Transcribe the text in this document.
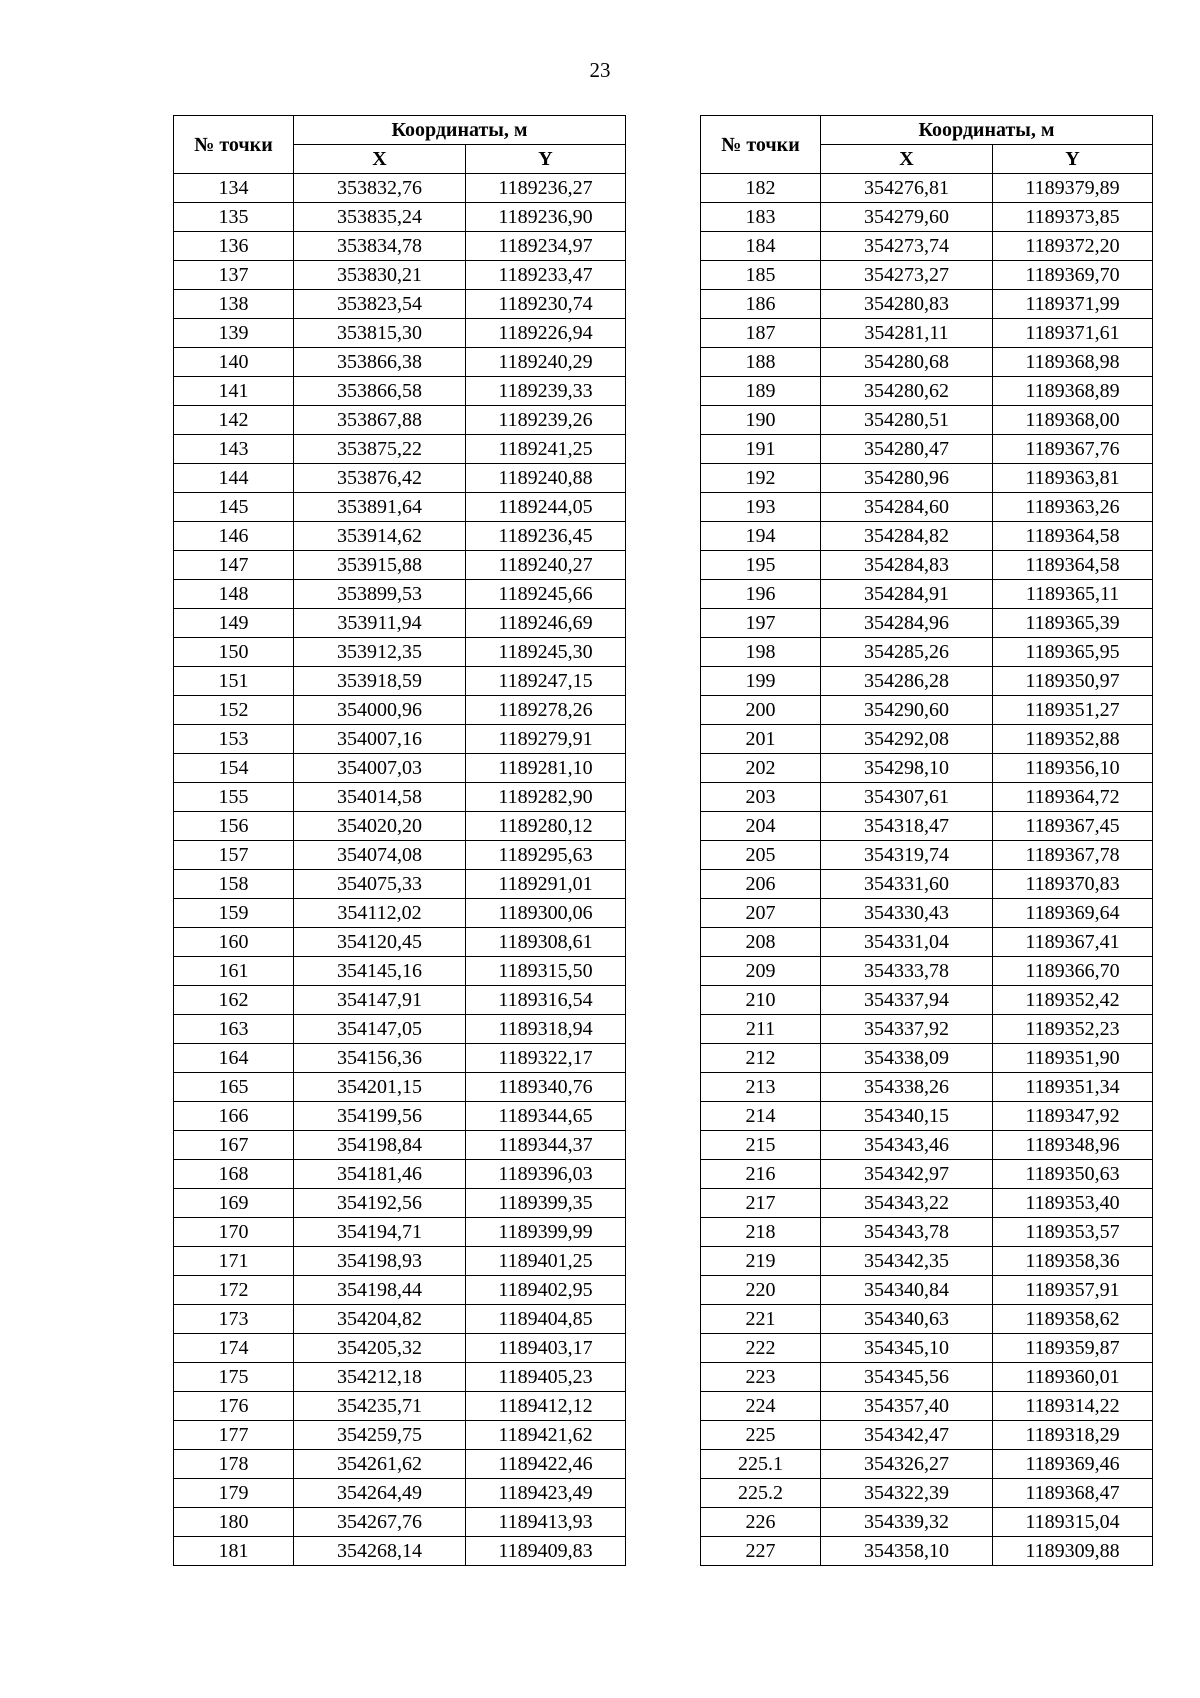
23
№ точки	Координаты, м	
	X	Y
134	353832,76	1189236,27
135	353835,24	1189236,90
136	353834,78	1189234,97
137	353830,21	1189233,47
138	353823,54	1189230,74
139	353815,30	1189226,94
140	353866,38	1189240,29
141	353866,58	1189239,33
142	353867,88	1189239,26
143	353875,22	1189241,25
144	353876,42	1189240,88
145	353891,64	1189244,05
146	353914,62	1189236,45
147	353915,88	1189240,27
148	353899,53	1189245,66
149	353911,94	1189246,69
150	353912,35	1189245,30
151	353918,59	1189247,15
152	354000,96	1189278,26
153	354007,16	1189279,91
154	354007,03	1189281,10
155	354014,58	1189282,90
156	354020,20	1189280,12
157	354074,08	1189295,63
158	354075,33	1189291,01
159	354112,02	1189300,06
160	354120,45	1189308,61
161	354145,16	1189315,50
162	354147,91	1189316,54
163	354147,05	1189318,94
164	354156,36	1189322,17
165	354201,15	1189340,76
166	354199,56	1189344,65
167	354198,84	1189344,37
168	354181,46	1189396,03
169	354192,56	1189399,35
170	354194,71	1189399,99
171	354198,93	1189401,25
172	354198,44	1189402,95
173	354204,82	1189404,85
174	354205,32	1189403,17
175	354212,18	1189405,23
176	354235,71	1189412,12
177	354259,75	1189421,62
178	354261,62	1189422,46
179	354264,49	1189423,49
180	354267,76	1189413,93
181	354268,14	1189409,83
№ точки	Координаты, м	
	X	Y
182	354276,81	1189379,89
183	354279,60	1189373,85
184	354273,74	1189372,20
185	354273,27	1189369,70
186	354280,83	1189371,99
187	354281,11	1189371,61
188	354280,68	1189368,98
189	354280,62	1189368,89
190	354280,51	1189368,00
191	354280,47	1189367,76
192	354280,96	1189363,81
193	354284,60	1189363,26
194	354284,82	1189364,58
195	354284,83	1189364,58
196	354284,91	1189365,11
197	354284,96	1189365,39
198	354285,26	1189365,95
199	354286,28	1189350,97
200	354290,60	1189351,27
201	354292,08	1189352,88
202	354298,10	1189356,10
203	354307,61	1189364,72
204	354318,47	1189367,45
205	354319,74	1189367,78
206	354331,60	1189370,83
207	354330,43	1189369,64
208	354331,04	1189367,41
209	354333,78	1189366,70
210	354337,94	1189352,42
211	354337,92	1189352,23
212	354338,09	1189351,90
213	354338,26	1189351,34
214	354340,15	1189347,92
215	354343,46	1189348,96
216	354342,97	1189350,63
217	354343,22	1189353,40
218	354343,78	1189353,57
219	354342,35	1189358,36
220	354340,84	1189357,91
221	354340,63	1189358,62
222	354345,10	1189359,87
223	354345,56	1189360,01
224	354357,40	1189314,22
225	354342,47	1189318,29
225.1	354326,27	1189369,46
225.2	354322,39	1189368,47
226	354339,32	1189315,04
227	354358,10	1189309,88
